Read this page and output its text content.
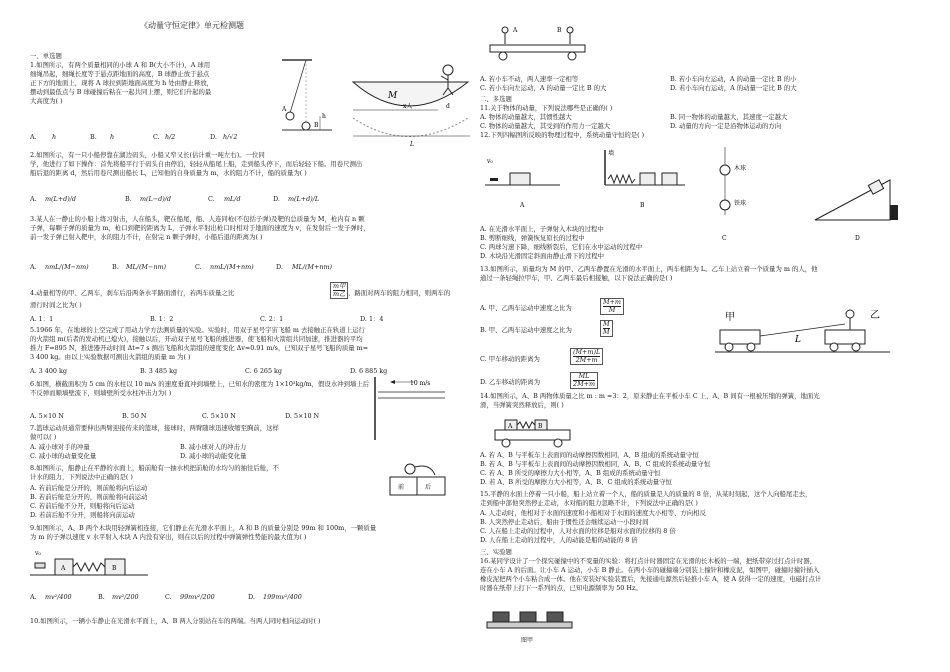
《动量守恒定律》单元检测题
一、单选题
1.如图所示，有两个质量相同的小球 A 和 B(大小不计)，A 球用
细绳吊起，细绳长度等于悬点距地面的高度，B 球静止放于悬点
正下方的地面上，现将 A 球拉到距地面高度为 h 处由静止释放，
摆动到最低点与 B 球碰撞后粘在一起共同上摆，则它们升起的最
大高度为( )
A. h	B. h	C. h/2	D. h/√2
2.如图所示，有一只小船停靠在湖边码头，小船又窄又长(估计重一吨左右)。一位同
学，他进行了如下操作：首先将船平行于码头自由停泊，轻轻从船尾上船，走到船头停下，而后轻轻下船。用卷尺测出
船后退的距离 d，然后用卷尺测出船长 L，已知他的自身质量为 m，水的阻力不计，船的质量为( )
A. m(L+d)/d	B. m(L−d)/d	C. mL/d	D. m(L+d)/L
3.某人在一静止的小船上练习射击，人在船头，靶在船尾，船、人连同枪(不包括子弹)及靶的总质量为 M，枪内有 n 颗
子弹，每颗子弹的质量为 m，枪口到靶的距离为 L，子弹水平射出枪口时相对于地面的速度为 v，在发射后一发子弹时，
前一发子弹已射入靶中，水的阻力不计，在射完 n 颗子弹时，小船后退的距离为( )
A. nmL/(M−nm)	B. ML/(M−nm)	C. nmL/(M+nm)	D. ML/(M+nm)
4.动量相等的甲、乙两车，刹车后沿两条水平路面滑行，若两车质量之比
m甲
m乙 ，路面对两车的阻力相同，则两车的
滑行时间之比为( )
A. 1：1	B. 1：2	C. 2：1	D. 1：4
5.1966 年，在地球的上空完成了用动力学方法测质量的实验。实验时，用双子星号宇宙飞船 m 去接触正在轨道上运行
的火箭组 m(后者的发动机已熄火)，接触以后，开动双子星号飞船的推进器，使飞船和火箭组共同加速，推进器的平均
推力 F=895 N，推进器开动时间 Δt=7 s 测出飞船和火箭组的速度变化 Δv=0.91 m/s，已知双子星号飞船的质量 m=
3 400 kg。由以上实验数据可测出火箭组的质量 m 为( )
A. 3 400 kg	B. 3 485 kg	C. 6 265 kg	D. 6 885 kg
6.如图，横截面积为 5 cm 的水柱以 10 m/s 的速度垂直冲到墙壁上，已知水的密度为 1×10³kg/m，假设水冲到墙上后
不反弹而顺墙壁流下，则墙壁所受水柱冲击力为( )
A. 5×10 N	B. 50 N	C. 5×10 N	D. 5×10 N
7.篮球运动员通常要伸出两臂迎接传来的篮球，接球时，两臂随球迅速收缩至胸前，这样
做可以( )
A. 减小球对手的冲量	B. 减小球对人的冲击力
C. 减小球的动量变化量	D. 减小球的动能变化量
8.如图所示，船静止在平静的水面上，船前舱有一抽水机把前舱的水均匀的抽往后舱，不
计水的阻力，下列说法中正确的是( )
A. 若前后舱是分开的，则前舱将向后运动
B. 若前后舱是分开的，则前舱将向前运动
C. 若前后舱不分开，则船将向后运动
D. 若前后舱不分开，则船将向前运动
9.如图所示，A、B 两个木块用轻弹簧相连接，它们静止在光滑水平面上，A 和 B 的质量分别是 99m 和 100m，一颗质量
为 m 的子弹以速度 v 水平射入木块 A 内没有穿出，则在以后的过程中弹簧弹性势能的最大值为( )
A. mv²/400	B. mv²/200	C. 99mv²/200	D. 199mv²/400
10.如图所示，一辆小车静止在光滑水平面上，A、B 两人分别站在车的两端。当两人同时相向运动时( )
A
B
h
M
x人	d
L
10 m/s
前	后
v₀
A	B
A	B
A. 若小车不动，两人速率一定相等	B. 若小车向左运动，A 的动量一定比 B 的小
C. 若小车向左运动，A 的动量一定比 B 的大	D. 若小车向右运动，A 的动量一定比 B 的大
二、多选题
11.关于物体的动量，下列说法哪些是正确的( )
A. 物体的动量越大，其惯性越大	B. 同一物体的动量越大，其速度一定越大
C. 物体的动量越大，其受到的作用力一定越大	D. 动量的方向一定是沿物体运动的方向
12.下列四幅图所反映的物理过程中，系统动量守恒的是( )
v₀
A
墙
B
木球
铁球
C	D
A. 在光滑水平面上，子弹射入木块的过程中
B. 剪断细线，弹簧恢复原长的过程中
C. 两球匀速下降，细线断裂后，它们在水中运动的过程中
D. 木块沿光滑固定斜面由静止滑下的过程中
13.如图所示，质量均为 M 的甲、乙两车静置在光滑的水平面上，两车相距为 L。乙车上站立着一个质量为 m 的人，他
通过一条轻绳拉甲车，甲、乙两车最后相接触，以下说法正确的是( )
A. 甲、乙两车运动中速度之比为	$\frac{M+m}{M}$
B. 甲、乙两车运动中速度之比为	$\frac{M}{M}$
C. 甲车移动的距离为	$\frac{(M+m)L}{2M+m}$
D. 乙车移动的距离为	$\frac{ML}{2M+m}$
甲	乙
L
14.如图所示，A、B 两物体质量之比 m : m =3：2，原来静止在平板小车 C 上，A、B 间有一根被压缩的弹簧，地面光
滑，当弹簧突然释放后，则( )
A	B
A. 若 A、B 与平板车上表面间的动摩擦因数相同，A、B 组成的系统动量守恒
B. 若 A、B 与平板车上表面间的动摩擦因数相同，A、B、C 组成的系统动量守恒
C. 若 A、B 所受的摩擦力大小相等，A、B 组成的系统动量守恒
D. 若 A、B 所受的摩擦力大小相等，A、B、C 组成的系统动量守恒
15.平静的水面上停着一只小船，船上站立着一个人，船的质量是人的质量的 8 倍，从某时刻起，这个人向船尾走去，
走到船中部他突然停止走动，水对船的阻力忽略不计，下列说法中正确的是( )
A. 人走动时，他相对于水面的速度和小船相对于水面的速度大小相等、方向相反
B. 人突然停止走动后，船由于惯性还会继续运动一小段时间
C. 人在船上走动的过程中，人对水面的位移是船对水面的位移的 8 倍
D. 人在船上走动的过程中，人的动能是船的动能的 8 倍
三、实验题
16.某同学设计了一个探究碰撞中的不变量的实验：将打点计时器固定在光滑的长木板的一端，把纸带穿过打点计时器，
连在小车 A 的后面。让小车 A 运动，小车 B 静止。在两小车的碰撞端分别装上撞针和橡皮泥，如图甲，碰撞时撞针插入
橡皮泥把两个小车粘合成一体。他在安装好实验装置后，先接通电源然后轻推小车 A，使 A 获得一定的速度，电磁打点计
时器在纸带上打下一系列的点，已知电源频率为 50 Hz。
图甲
